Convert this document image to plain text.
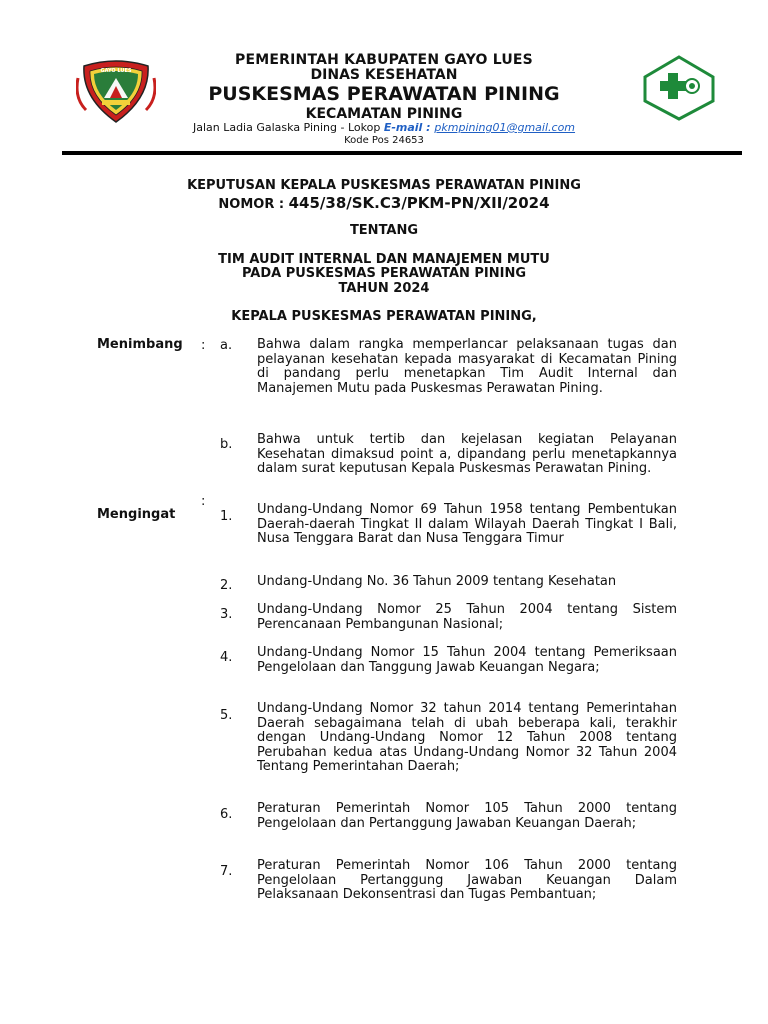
GAYO LUES
PEMERINTAH KABUPATEN GAYO LUES
DINAS KESEHATAN
PUSKESMAS PERAWATAN PINING
KECAMATAN PINING
Jalan Ladia Galaska Pining - Lokop E-mail : pkmpining01@gmail.com
Kode Pos 24653
KEPUTUSAN KEPALA PUSKESMAS PERAWATAN PINING
NOMOR : 445/38/SK.C3/PKM-PN/XII/2024
TENTANG
TIM AUDIT INTERNAL DAN MANAJEMEN MUTU
PADA PUSKESMAS PERAWATAN PINING
TAHUN 2024
KEPALA PUSKESMAS PERAWATAN PINING,
Menimbang	: a. Bahwa dalam rangka memperlancar pelaksanaan tugas dan pelayanan kesehatan kepada masyarakat di Kecamatan Pining di pandang perlu menetapkan Tim Audit Internal dan Manajemen Mutu pada Puskesmas Perawatan Pining.
b. Bahwa untuk tertib dan kejelasan kegiatan Pelayanan Kesehatan dimaksud point a, dipandang perlu menetapkannya dalam surat keputusan Kepala Puskesmas Perawatan Pining.
:
Mengingat	1. Undang-Undang Nomor 69 Tahun 1958 tentang Pembentukan Daerah-daerah Tingkat II dalam Wilayah Daerah Tingkat I Bali, Nusa Tenggara Barat dan Nusa Tenggara Timur
2. Undang-Undang No. 36 Tahun 2009 tentang Kesehatan
3. Undang-Undang Nomor 25 Tahun 2004 tentang Sistem Perencanaan Pembangunan Nasional;
4. Undang-Undang Nomor 15 Tahun 2004 tentang Pemeriksaan Pengelolaan dan Tanggung Jawab Keuangan Negara;
5. Undang-Undang Nomor 32 tahun 2014 tentang Pemerintahan Daerah sebagaimana telah di ubah beberapa kali, terakhir dengan Undang-Undang Nomor 12 Tahun 2008 tentang Perubahan kedua atas Undang-Undang Nomor 32 Tahun 2004 Tentang Pemerintahan Daerah;
6. Peraturan Pemerintah Nomor 105 Tahun 2000 tentang Pengelolaan dan Pertanggung Jawaban Keuangan Daerah;
7. Peraturan Pemerintah Nomor 106 Tahun 2000 tentang Pengelolaan Pertanggung Jawaban Keuangan Dalam Pelaksanaan Dekonsentrasi dan Tugas Pembantuan;
